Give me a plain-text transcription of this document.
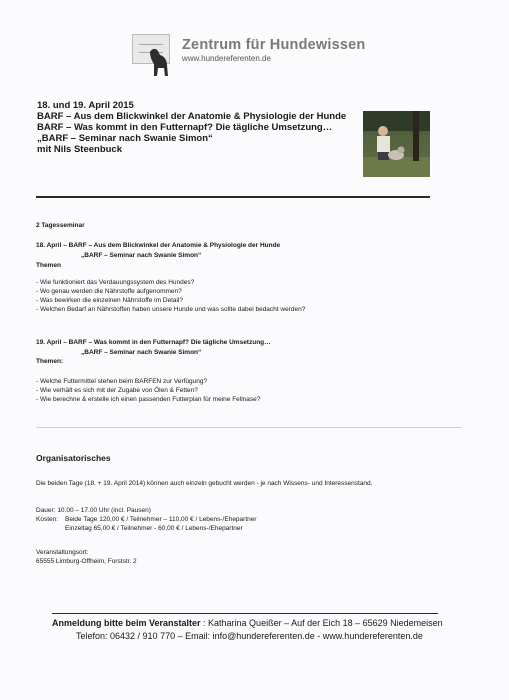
Zentrum für Hundewissen
www.hundereferenten.de
18. und 19. April 2015
BARF – Aus dem Blickwinkel der Anatomie & Physiologie der Hunde
BARF – Was kommt in den Futternapf? Die tägliche Umsetzung…
„BARF – Seminar nach Swanie Simon“
mit Nils Steenbuck
2 Tagesseminar
18. April – BARF – Aus dem Blickwinkel der Anatomie & Physiologie der Hunde
„BARF – Seminar nach Swanie Simon“
Themen
- Wie funktioniert das Verdauungssystem des Hundes?
- Wo genau werden die Nährstoffe aufgenommen?
- Was bewirken die einzelnen Nährstoffe im Detail?
- Welchen Bedarf an Nährstoffen haben unsere Hunde und was sollte dabei bedacht werden?
19. April – BARF – Was kommt in den Futternapf? Die tägliche Umsetzung…
„BARF – Seminar nach Swanie Simon“
Themen:
- Welche Futtermittel stehen beim BARFEN zur Verfügung?
- Wie verhält es sich mit der Zugabe von Ölen & Fetten?
- Wie berechne & erstelle ich einen passenden Futterplan für meine Fellnase?
Organisatorisches
Die beiden Tage (18. + 19. April 2014) können auch einzeln gebucht werden - je nach Wissens- und Interessenstand.
Dauer: 10.00 – 17.00 Uhr (incl. Pausen)
Kosten: Beide Tage 120,00 € / Teilnehmer – 110,00 € / Lebens-/Ehepartner
Einzeltag 65,00 € / Teilnehmer - 60,00 € / Lebens-/Ehepartner
Veranstaltungsort:
65555 Limburg-Offheim, Forststr. 2
Anmeldung bitte beim Veranstalter : Katharina Queißer – Auf der Eich 18 – 65629 Niedemeisen
Telefon: 06432 / 910 770 – Email: info@hundereferenten.de - www.hundereferenten.de
